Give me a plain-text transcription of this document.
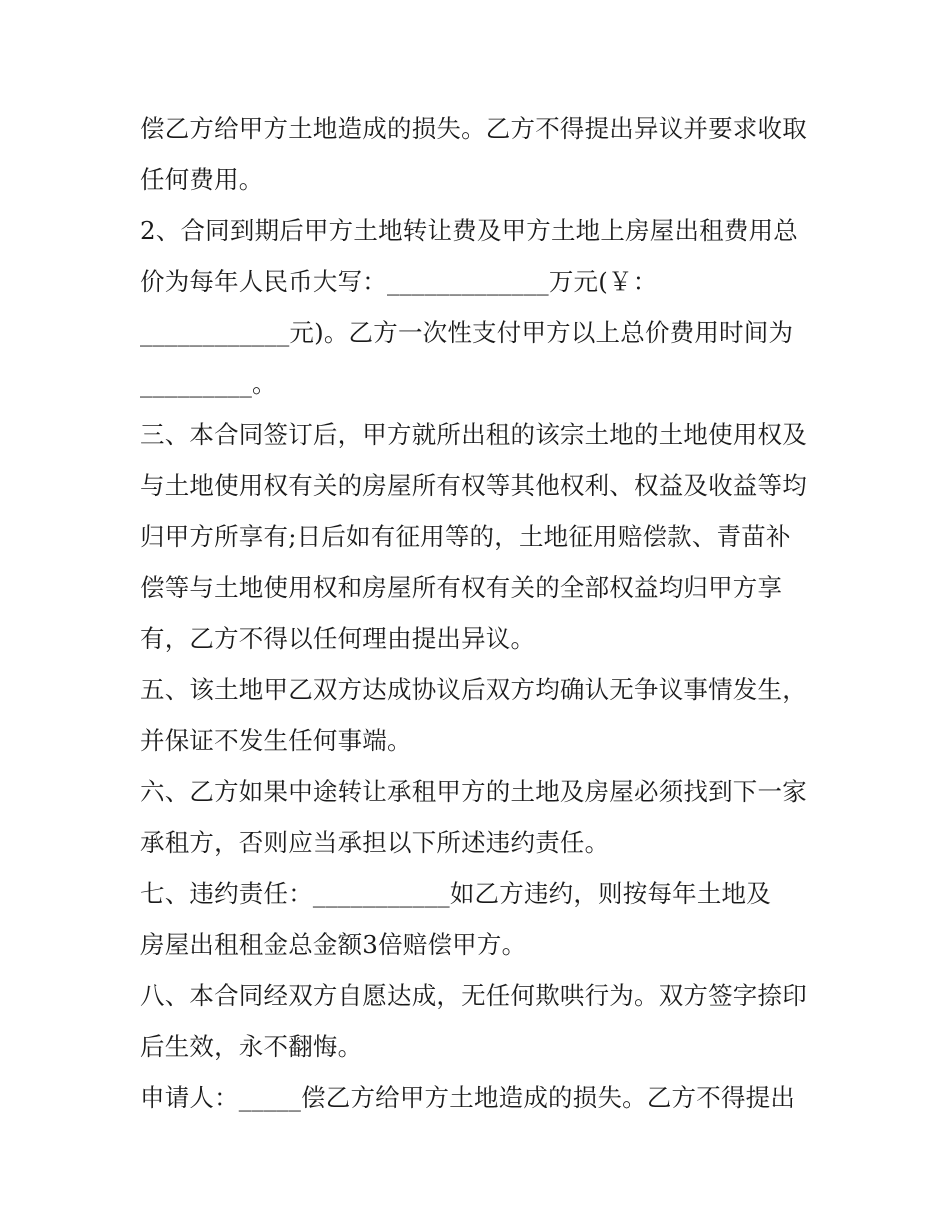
偿乙方给甲方土地造成的损失。乙方不得提出异议并要求收取
任何费用。
2、合同到期后甲方土地转让费及甲方土地上房屋出租费用总
价为每年人民币大写：_____________万元(￥：
____________元)。乙方一次性支付甲方以上总价费用时间为
_________。
三、本合同签订后，甲方就所出租的该宗土地的土地使用权及
与土地使用权有关的房屋所有权等其他权利、权益及收益等均
归甲方所享有;日后如有征用等的，土地征用赔偿款、青苗补
偿等与土地使用权和房屋所有权有关的全部权益均归甲方享
有，乙方不得以任何理由提出异议。
五、该土地甲乙双方达成协议后双方均确认无争议事情发生，
并保证不发生任何事端。
六、乙方如果中途转让承租甲方的土地及房屋必须找到下一家
承租方，否则应当承担以下所述违约责任。
七、违约责任：___________如乙方违约，则按每年土地及
房屋出租租金总金额3倍赔偿甲方。
八、本合同经双方自愿达成，无任何欺哄行为。双方签字捺印
后生效，永不翻悔。
申请人：_____偿乙方给甲方土地造成的损失。乙方不得提出
